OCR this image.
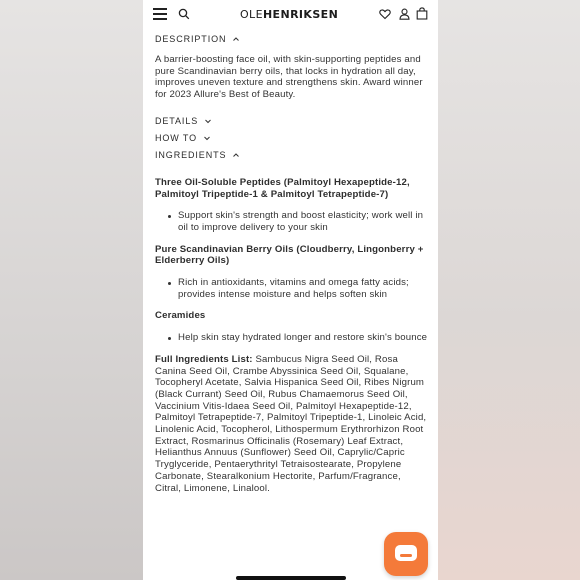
OLEHENRIKSEN
DESCRIPTION

A barrier-boosting face oil, with skin-supporting peptides and pure Scandinavian berry oils, that locks in hydration all day, improves uneven texture and strengthens skin. Award winner for 2023 Allure's Best of Beauty.

DETAILS
HOW TO
INGREDIENTS

Three Oil-Soluble Peptides (Palmitoyl Hexapeptide-12, Palmitoyl Tripeptide-1 & Palmitoyl Tetrapeptide-7)

Support skin's strength and boost elasticity; work well in oil to improve delivery to your skin

Pure Scandinavian Berry Oils (Cloudberry, Lingonberry + Elderberry Oils)

Rich in antioxidants, vitamins and omega fatty acids; provides intense moisture and helps soften skin

Ceramides

Help skin stay hydrated longer and restore skin's bounce

Full Ingredients List: Sambucus Nigra Seed Oil, Rosa Canina Seed Oil, Crambe Abyssinica Seed Oil, Squalane, Tocopheryl Acetate, Salvia Hispanica Seed Oil, Ribes Nigrum (Black Currant) Seed Oil, Rubus Chamaemorus Seed Oil, Vaccinium Vitis-Idaea Seed Oil, Palmitoyl Hexapeptide-12, Palmitoyl Tetrapeptide-7, Palmitoyl Tripeptide-1, Linoleic Acid, Linolenic Acid, Tocopherol, Lithospermum Erythrorhizon Root Extract, Rosmarinus Officinalis (Rosemary) Leaf Extract, Helianthus Annuus (Sunflower) Seed Oil, Caprylic/Capric Tryglyceride, Pentaerythrityl Tetraisostearate, Propylene Carbonate, Stearalkonium Hectorite, Parfum/Fragrance, Citral, Limonene, Linalool.
